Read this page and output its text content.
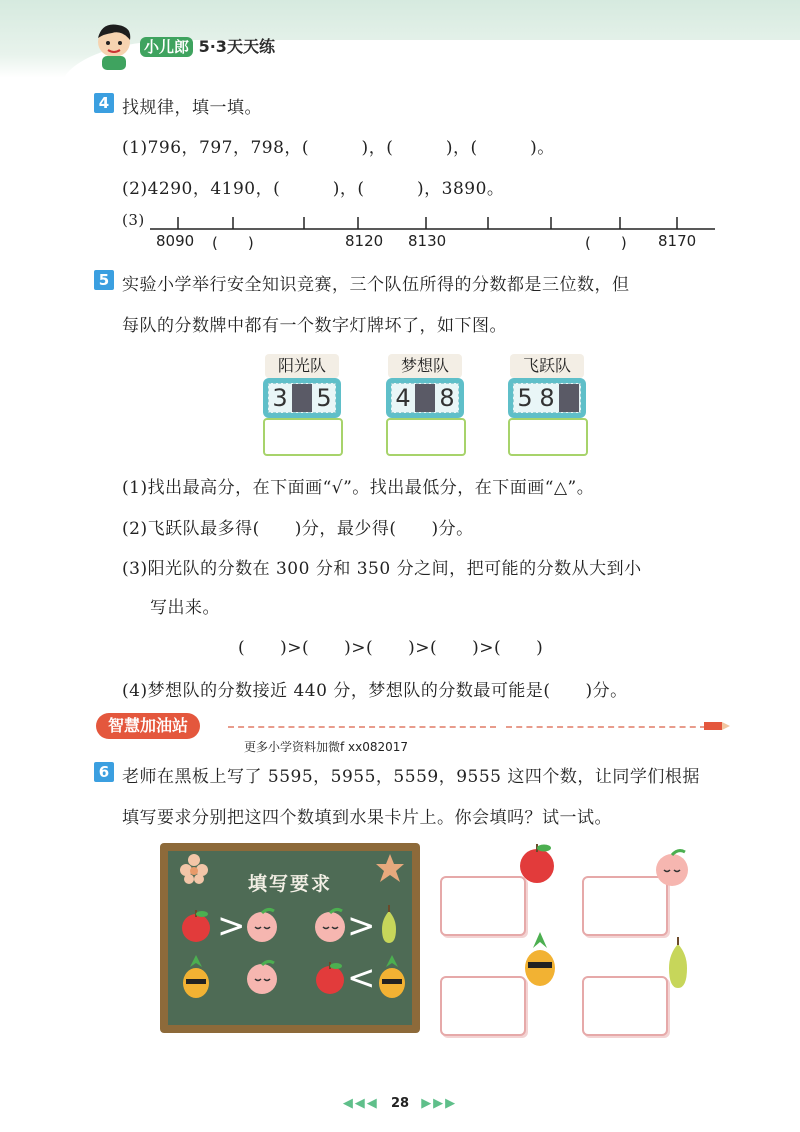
小儿郎 5·3天天练
4 找规律，填一填。
(1)796，797，798，(　　　)，(　　　)，(　　　)。
(2)4290，4190，(　　　)，(　　　)，3890。
(3)
8090 (　　)	8120 8130	(　　) 8170
5 实验小学举行安全知识竞赛，三个队伍所得的分数都是三位数，但
每队的分数牌中都有一个数字灯牌坏了，如下图。
阳光队
3 5
梦想队
4 8
飞跃队
5 8
(1)找出最高分，在下面画“√”。找出最低分，在下面画“△”。
(2)飞跃队最多得(　　)分，最少得(　　)分。
(3)阳光队的分数在 300 分和 350 分之间，把可能的分数从大到小
写出来。
(　　)>(　　)>(　　)>(　　)>(　　)
(4)梦想队的分数接近 440 分，梦想队的分数最可能是(　　)分。
智慧加油站
更多小学资料加微f xx082017
6 老师在黑板上写了 5595，5955，5559，9555 这四个数，让同学们根据
填写要求分别把这四个数填到水果卡片上。你会填吗？试一试。
填写要求
>	>
<
◀◀◀ 28 ▶▶▶
